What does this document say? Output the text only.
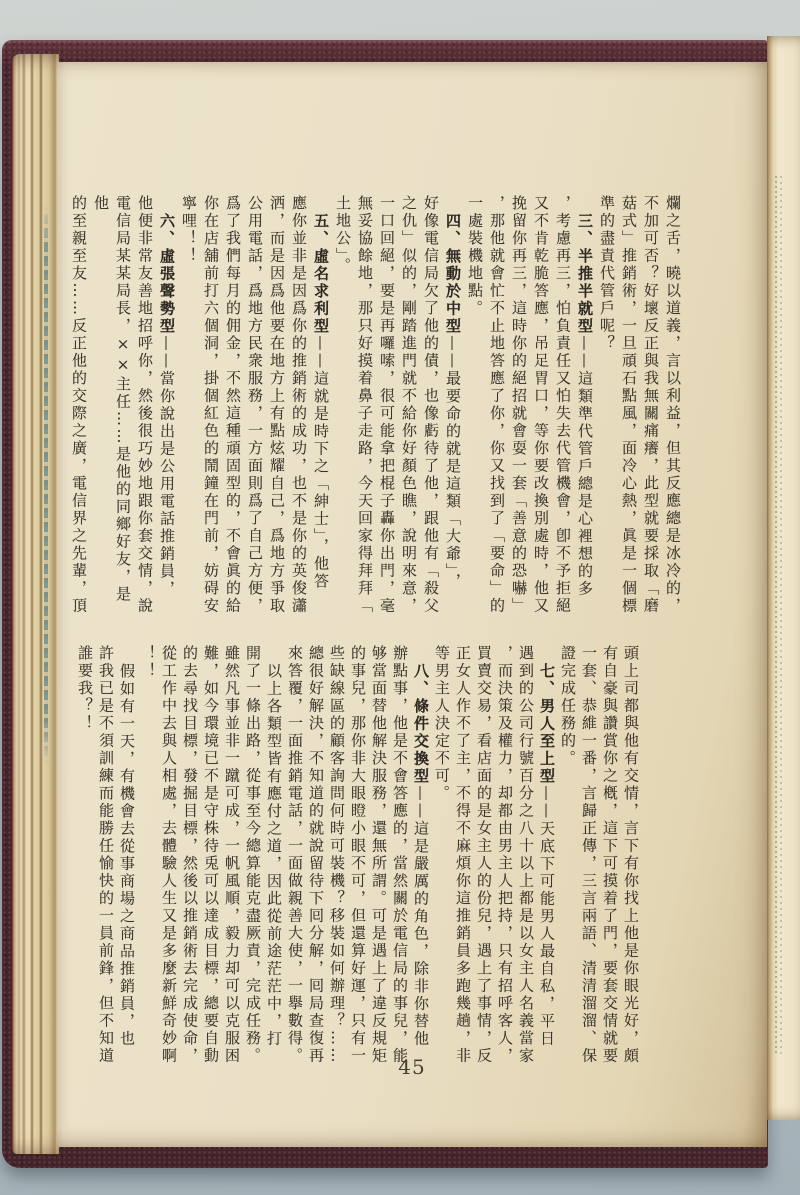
爛之舌，曉以道義，言以利益，但其反應總是冰冷的，
不加可否？好壞反正與我無關痛癢，此型就要採取「磨
菇式」推銷術，一旦頑石點風，面冷心熱，眞是一個標
準的盡責代管戶呢？
三、半推半就型——這類準代管戶總是心裡想的多
，考慮再三，怕負責任又怕失去代管機會，卽不予拒絕
又不肯乾脆答應，吊足胃口，等你要改換別處時，他又
挽留你再三，這時你的絕招就會耍一套「善意的恐嚇」
，那他就會忙不止地答應了你，你又找到了「要命」的
一處裝機地點。
四、無動於中型——最要命的就是這類「大爺」，
好像電信局欠了他的債，也像虧待了他，跟他有「殺父
之仇」似的，剛踏進門就不給你好顏色瞧，說明來意，
一口回絕，要是再囉嗦，很可能拿把棍子轟你出門，毫
無妥協餘地，那只好摸着鼻子走路，今天回家得拜拜「
土地公」。
五、虛名求利型——這就是時下之「紳士」，他答
應你並非是因爲你的推銷術的成功，也不是你的英俊瀟
洒，而是因爲他要在地方上有點炫耀自己，爲地方爭取
公用電話，爲地方民衆服務，一方面則爲了自己方便，
爲了我們每月的佣金，不然這種頑固型的，不會眞的給
你在店舖前打六個洞，掛個紅色的鬧鐘在門前，妨碍安
寧哩！！
六、虛張聲勢型——當你說出是公用電話推銷員，
他便非常友善地招呼你，然後很巧妙地跟你套交情，說
電信局某某局長，××主任……是他的同鄉好友，是他
的至親至友……反正他的交際之廣，電信界之先輩，頂
頭上司都與他有交情，言下有你找上他是你眼光好，頗
有自豪與讚賞你之槪，這下可摸着了門，要套交情就要
一套、恭維一番，言歸正傳，三言兩語、清清溜溜、保
證完成任務的。
七、男人至上型——天底下可能男人最自私，平日
遇到的公司行號百分之八十以上都是以女主人名義當家
，而決策及權力，却都由男主人把持，只有招呼客人，
買賣交易，看店面的是女主人的份兒，遇上了事情，反
正女人作不了主，不得不麻煩你這推銷員多跑幾趟，非
等男主人決定不可。
八、條件交換型——這是嚴厲的角色，除非你替他
辦點事，他是不會答應的，當然關於電信局的事兒，能
够當面替他解決服務，還無所謂。可是遇上了違反規矩
的事兒，那你非大眼瞪小眼不可，但還算好運，只有一
些缺線區的顧客詢問何時可裝機？移裝如何辦理？……
總很好解決，不知道的就說留待下囘分解，囘局查復再
來答覆，一面推銷電話，一面做親善大使，一擧數得。
以上各類型皆有應付之道，因此從前途茫茫中，打
開了一條出路，從事至今總算能克盡厥責，完成任務。
雖然凡事並非一蹴可成，一帆風順，毅力却可以克服困
難，如今環境已不是守株待兎可以達成目標，總要自動
的去尋找目標，發掘目標，然後以推銷術去完成使命，
從工作中去與人相處，去體驗人生又是多麼新鮮奇妙啊
！！
假如有一天，有機會去從事商場之商品推銷員，也
許我已是不須訓練而能勝任愉快的一員前鋒，但不知道
誰要我？！
45
